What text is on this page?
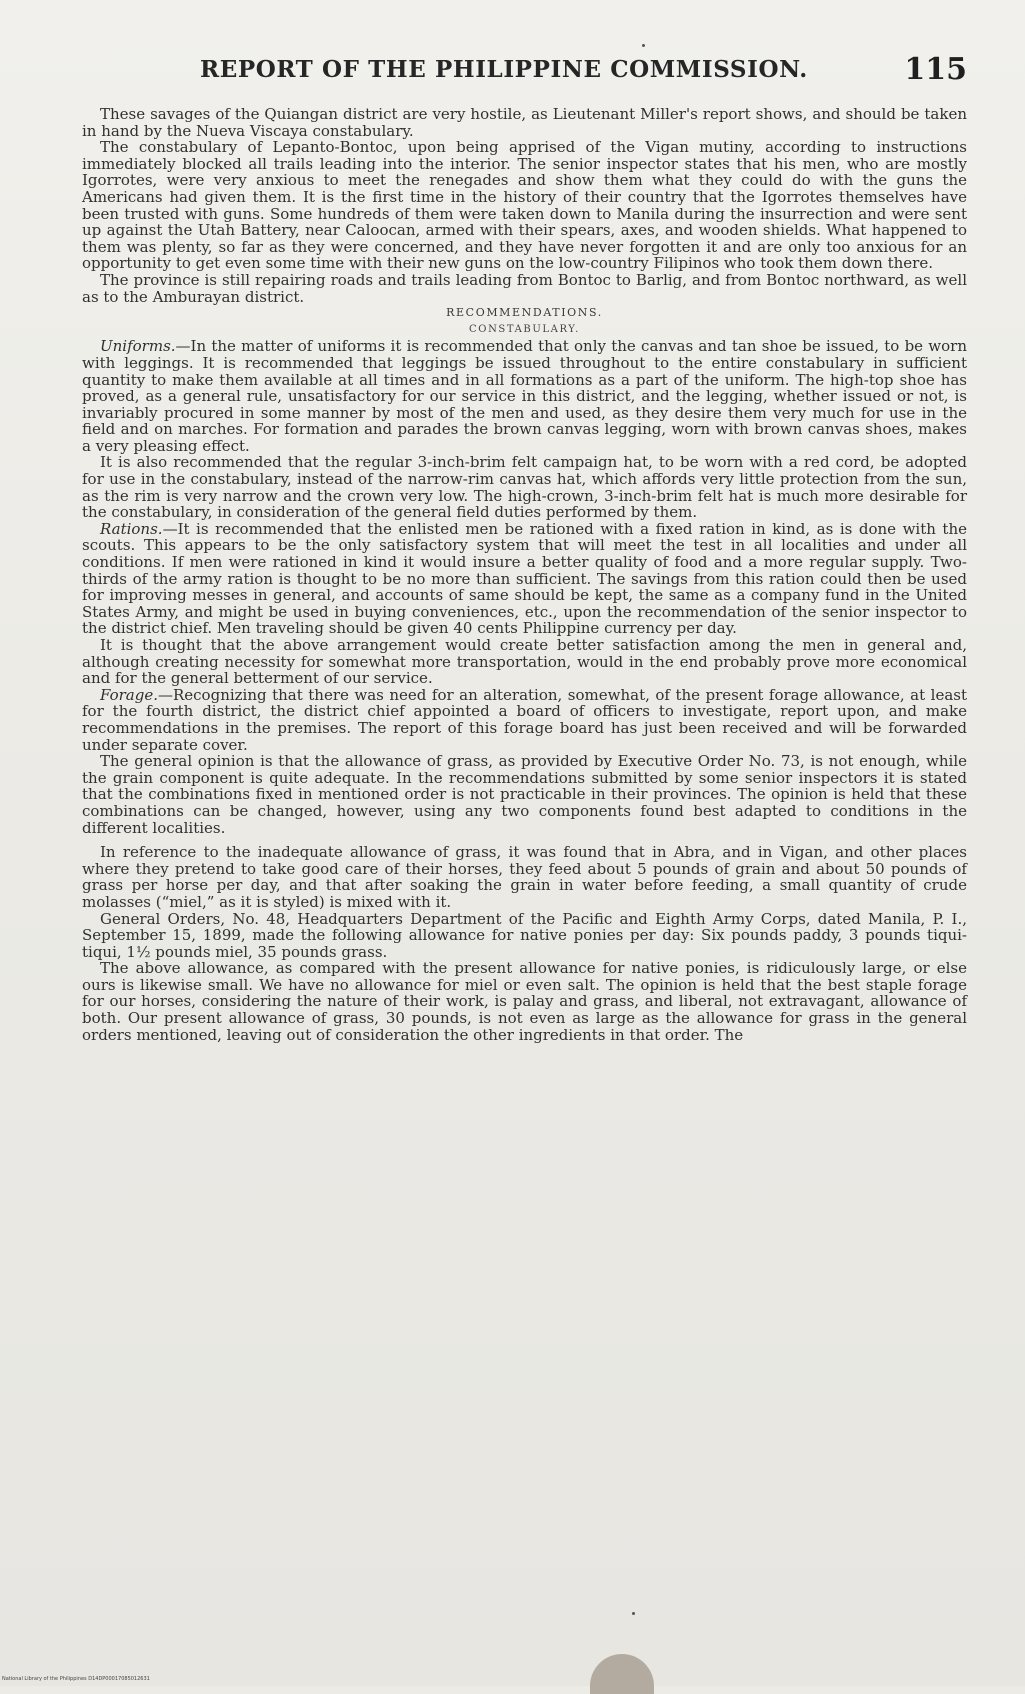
REPORT OF THE PHILIPPINE COMMISSION.	115

These savages of the Quiangan district are very hostile, as Lieutenant Miller's report shows, and should be taken in hand by the Nueva Viscaya constabulary.

The constabulary of Lepanto-Bontoc, upon being apprised of the Vigan mutiny, according to instructions immediately blocked all trails leading into the interior. The senior inspector states that his men, who are mostly Igorrotes, were very anxious to meet the renegades and show them what they could do with the guns the Americans had given them. It is the first time in the history of their country that the Igorrotes themselves have been trusted with guns. Some hundreds of them were taken down to Manila during the insurrection and were sent up against the Utah Battery, near Caloocan, armed with their spears, axes, and wooden shields. What happened to them was plenty, so far as they were concerned, and they have never forgotten it and are only too anxious for an opportunity to get even some time with their new guns on the low-country Filipinos who took them down there.

The province is still repairing roads and trails leading from Bontoc to Barlig, and from Bontoc northward, as well as to the Amburayan district.

RECOMMENDATIONS.

CONSTABULARY.

Uniforms.—In the matter of uniforms it is recommended that only the canvas and tan shoe be issued, to be worn with leggings. It is recommended that leggings be issued throughout to the entire constabulary in sufficient quantity to make them available at all times and in all formations as a part of the uniform. The high-top shoe has proved, as a general rule, unsatisfactory for our service in this district, and the legging, whether issued or not, is invariably procured in some manner by most of the men and used, as they desire them very much for use in the field and on marches. For formation and parades the brown canvas legging, worn with brown canvas shoes, makes a very pleasing effect.

It is also recommended that the regular 3-inch-brim felt campaign hat, to be worn with a red cord, be adopted for use in the constabulary, instead of the narrow-rim canvas hat, which affords very little protection from the sun, as the rim is very narrow and the crown very low. The high-crown, 3-inch-brim felt hat is much more desirable for the constabulary, in consideration of the general field duties performed by them.

Rations.—It is recommended that the enlisted men be rationed with a fixed ration in kind, as is done with the scouts. This appears to be the only satisfactory system that will meet the test in all localities and under all conditions. If men were rationed in kind it would insure a better quality of food and a more regular supply. Two-thirds of the army ration is thought to be no more than sufficient. The savings from this ration could then be used for improving messes in general, and accounts of same should be kept, the same as a company fund in the United States Army, and might be used in buying conveniences, etc., upon the recommendation of the senior inspector to the district chief. Men traveling should be given 40 cents Philippine currency per day.

It is thought that the above arrangement would create better satisfaction among the men in general and, although creating necessity for somewhat more transportation, would in the end probably prove more economical and for the general betterment of our service.

Forage.—Recognizing that there was need for an alteration, somewhat, of the present forage allowance, at least for the fourth district, the district chief appointed a board of officers to investigate, report upon, and make recommendations in the premises. The report of this forage board has just been received and will be forwarded under separate cover.

The general opinion is that the allowance of grass, as provided by Executive Order No. 73, is not enough, while the grain component is quite adequate. In the recommendations submitted by some senior inspectors it is stated that the combinations fixed in mentioned order is not practicable in their provinces. The opinion is held that these combinations can be changed, however, using any two components found best adapted to conditions in the different localities.

In reference to the inadequate allowance of grass, it was found that in Abra, and in Vigan, and other places where they pretend to take good care of their horses, they feed about 5 pounds of grain and about 50 pounds of grass per horse per day, and that after soaking the grain in water before feeding, a small quantity of crude molasses (“miel,” as it is styled) is mixed with it.

General Orders, No. 48, Headquarters Department of the Pacific and Eighth Army Corps, dated Manila, P. I., September 15, 1899, made the following allowance for native ponies per day: Six pounds paddy, 3 pounds tiqui-tiqui, 1½ pounds miel, 35 pounds grass.

The above allowance, as compared with the present allowance for native ponies, is ridiculously large, or else ours is likewise small. We have no allowance for miel or even salt. The opinion is held that the best staple forage for our horses, considering the nature of their work, is palay and grass, and liberal, not extravagant, allowance of both. Our present allowance of grass, 30 pounds, is not even as large as the allowance for grass in the general orders mentioned, leaving out of consideration the other ingredients in that order. The

National Library of the Philippines D14DP00017085012631
